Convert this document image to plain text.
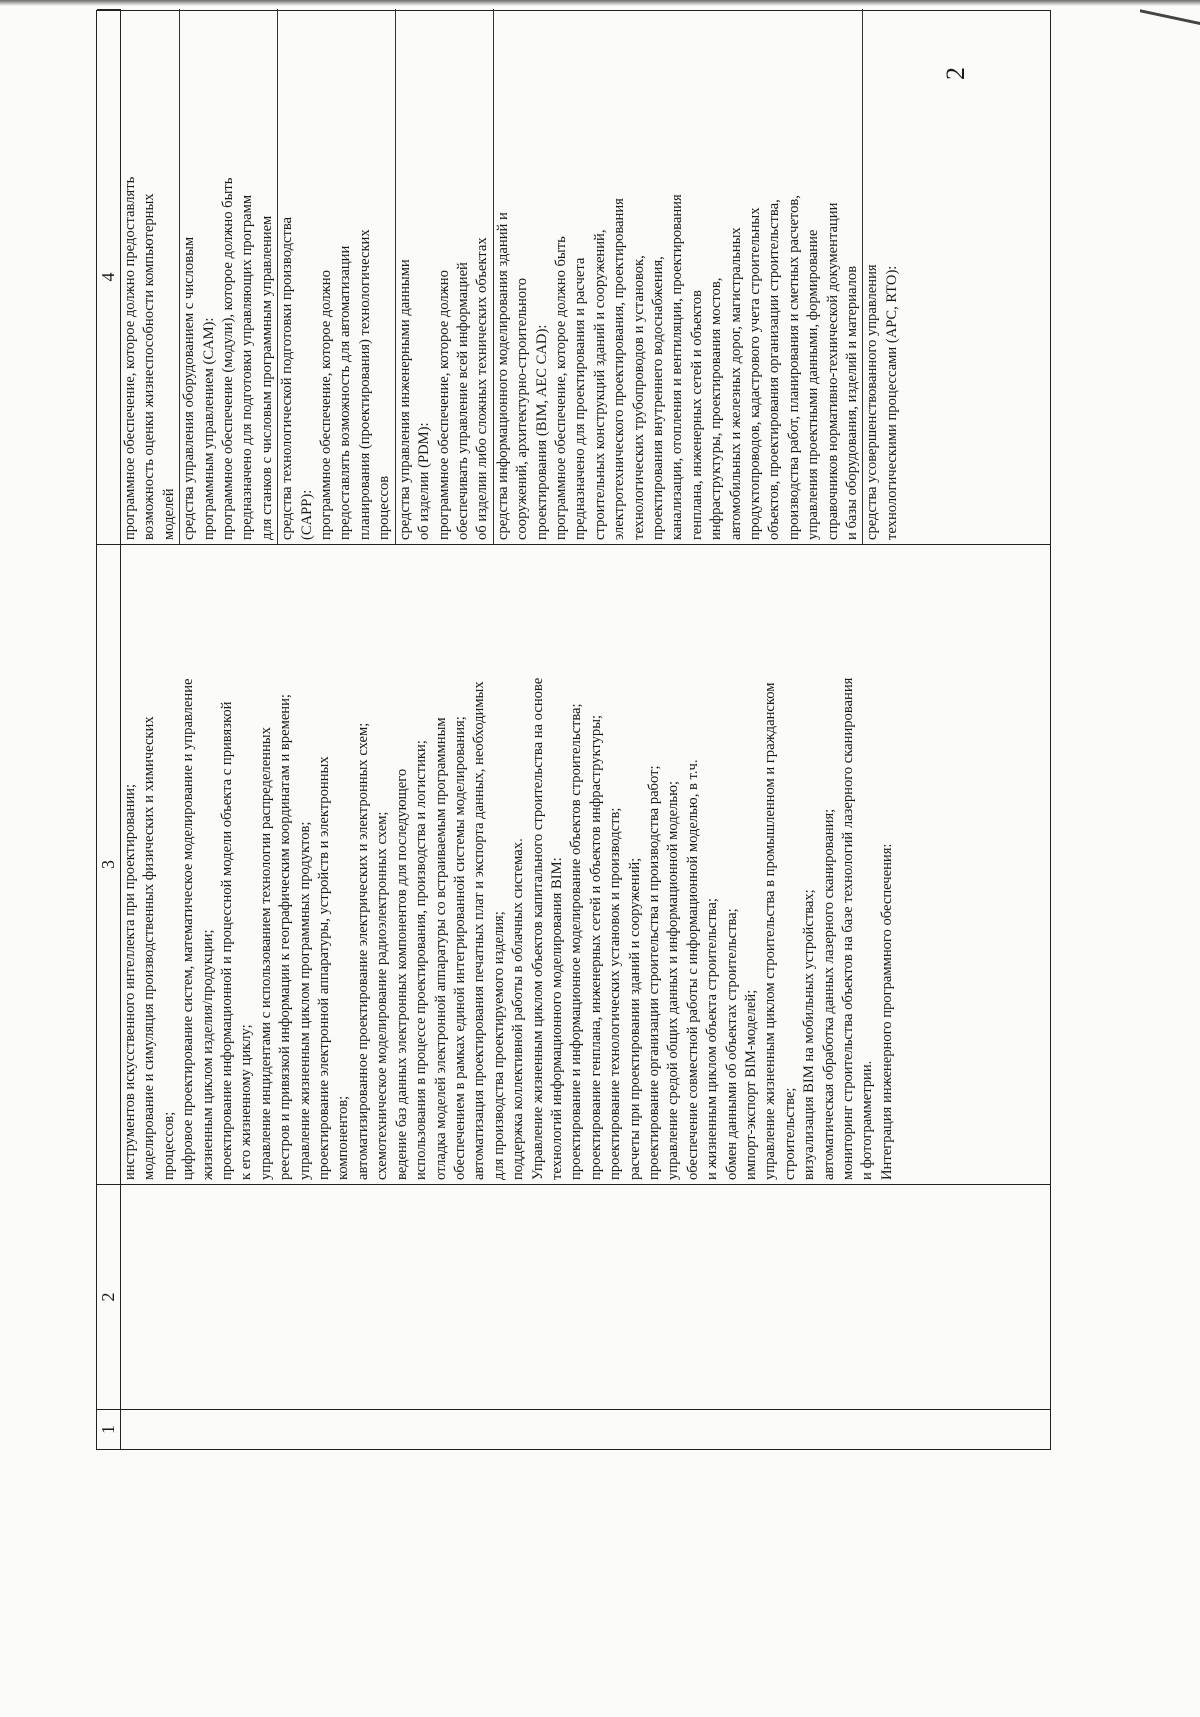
2
1
2
3
4
инструментов искусственного интеллекта при проектировании; моделирование и симуляция производственных физических и химических процессов; цифровое проектирование систем, математическое моделирование и управление жизненным циклом изделия/продукции; проектирование информационной и процессной модели объекта с привязкой к его жизненному циклу; управление инцидентами с использованием технологии распределенных реестров и привязкой информации к географическим координатам и времени; управление жизненным циклом программных продуктов; проектирование электронной аппаратуры, устройств и электронных компонентов; автоматизированное проектирование электрических и электронных схем; схемотехническое моделирование радиоэлектронных схем; ведение баз данных электронных компонентов для последующего использования в процессе проектирования, производства и логистики; отладка моделей электронной аппаратуры со встраиваемым программным обеспечением в рамках единой интегрированной системы моделирования; автоматизация проектирования печатных плат и экспорта данных, необходимых для производства проектируемого изделия; поддержка коллективной работы в облачных системах. Управление жизненным циклом объектов капитального строительства на основе технологий информационного моделирования BIM: проектирование и информационное моделирование объектов строительства; проектирование генплана, инженерных сетей и объектов инфраструктуры; проектирование технологических установок и производств; расчеты при проектировании зданий и сооружений; проектирование организации строительства и производства работ; управление средой общих данных и информационной моделью; обеспечение совместной работы с информационной моделью, в т.ч. и жизненным циклом объекта строительства; обмен данными об объектах строительства; импорт-экспорт BIM-моделей; управление жизненным циклом строительства в промышленном и гражданском строительстве; визуализация BIM на мобильных устройствах; автоматическая обработка данных лазерного сканирования; мониторинг строительства объектов на базе технологий лазерного сканирования и фотограмметрии. Интеграция инженерного программного обеспечения:
программное обеспечение, которое должно предоставлять возможность оценки жизнеспособности компьютерных моделей средства управления оборудованием с числовым программным управлением (CAM): программное обеспечение (модули), которое должно быть предназначено для подготовки управляющих программ для станков с числовым программным управлением средства технологической подготовки производства (CAPP): программное обеспечение, которое должно предоставлять возможность для автоматизации планирования (проектирования) технологических процессов средства управления инженерными данными об изделии (PDM): программное обеспечение, которое должно обеспечивать управление всей информацией об изделии либо сложных технических объектах средства информационного моделирования зданий и сооружений, архитектурно-строительного проектирования (BIM, AEC CAD): программное обеспечение, которое должно быть предназначено для проектирования и расчета строительных конструкций зданий и сооружений, электротехнического проектирования, проектирования технологических трубопроводов и установок, проектирования внутреннего водоснабжения, канализации, отопления и вентиляции, проектирования генплана, инженерных сетей и объектов инфраструктуры, проектирования мостов, автомобильных и железных дорог, магистральных продуктопроводов, кадастрового учета строительных объектов, проектирования организации строительства, производства работ, планирования и сметных расчетов, управления проектными данными, формирование справочников нормативно-технической документации и базы оборудования, изделий и материалов средства усовершенствованного управления технологическими процессами (APC, RTO):
